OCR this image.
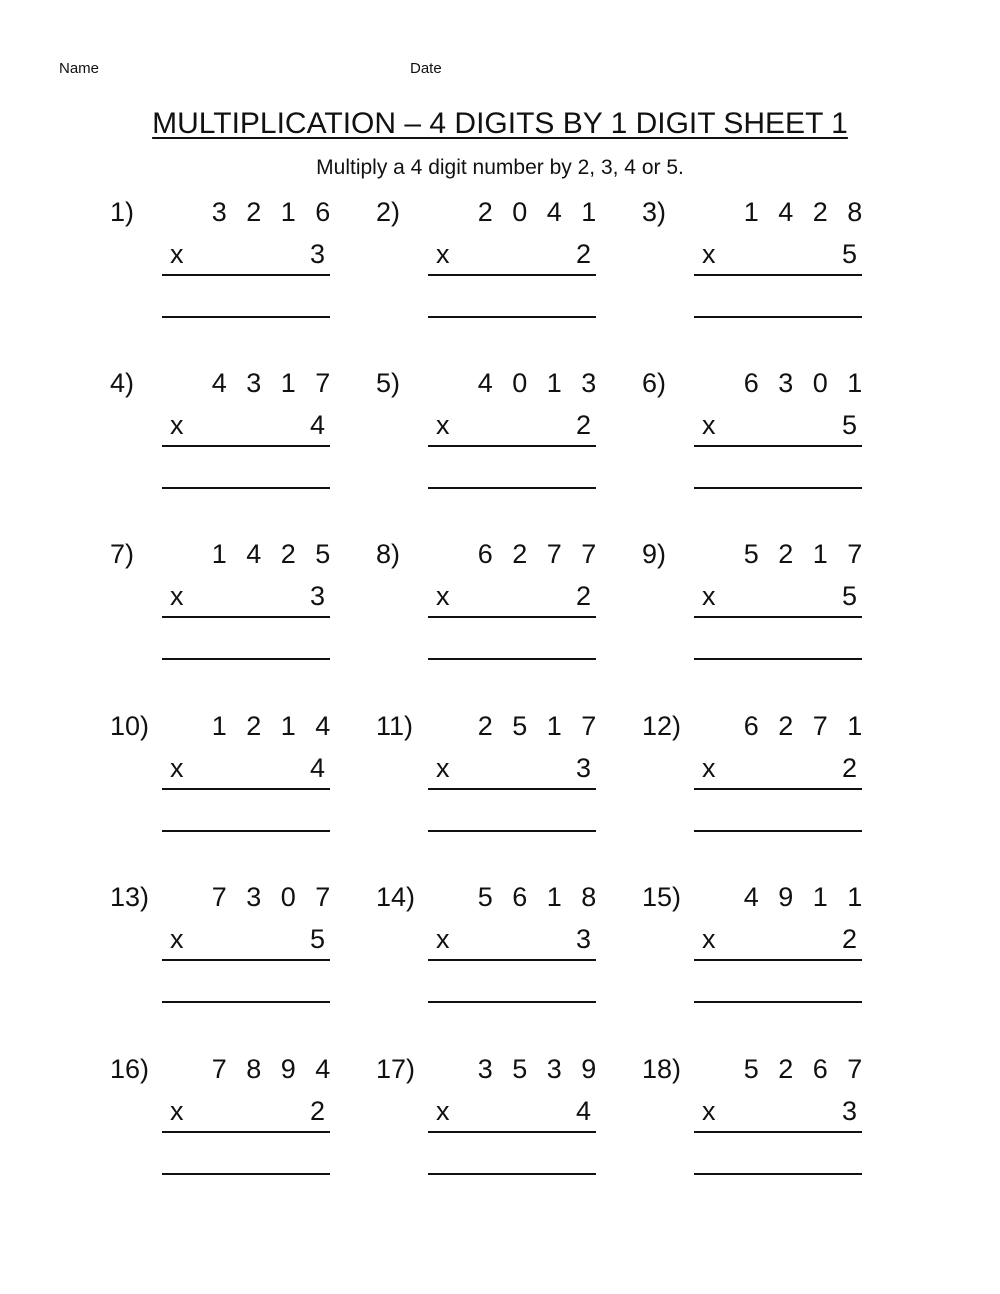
Name	Date
MULTIPLICATION – 4 DIGITS BY 1 DIGIT SHEET 1
Multiply a 4 digit number by 2, 3, 4 or 5.
1)	3 2 1 6
x	3
2)	2 0 4 1
x	2
3)	1 4 2 8
x	5
4)	4 3 1 7
x	4
5)	4 0 1 3
x	2
6)	6 3 0 1
x	5
7)	1 4 2 5
x	3
8)	6 2 7 7
x	2
9)	5 2 1 7
x	5
10)	1 2 1 4
x	4
11)	2 5 1 7
x	3
12)	6 2 7 1
x	2
13)	7 3 0 7
x	5
14)	5 6 1 8
x	3
15)	4 9 1 1
x	2
16)	7 8 9 4
x	2
17)	3 5 3 9
x	4
18)	5 2 6 7
x	3
